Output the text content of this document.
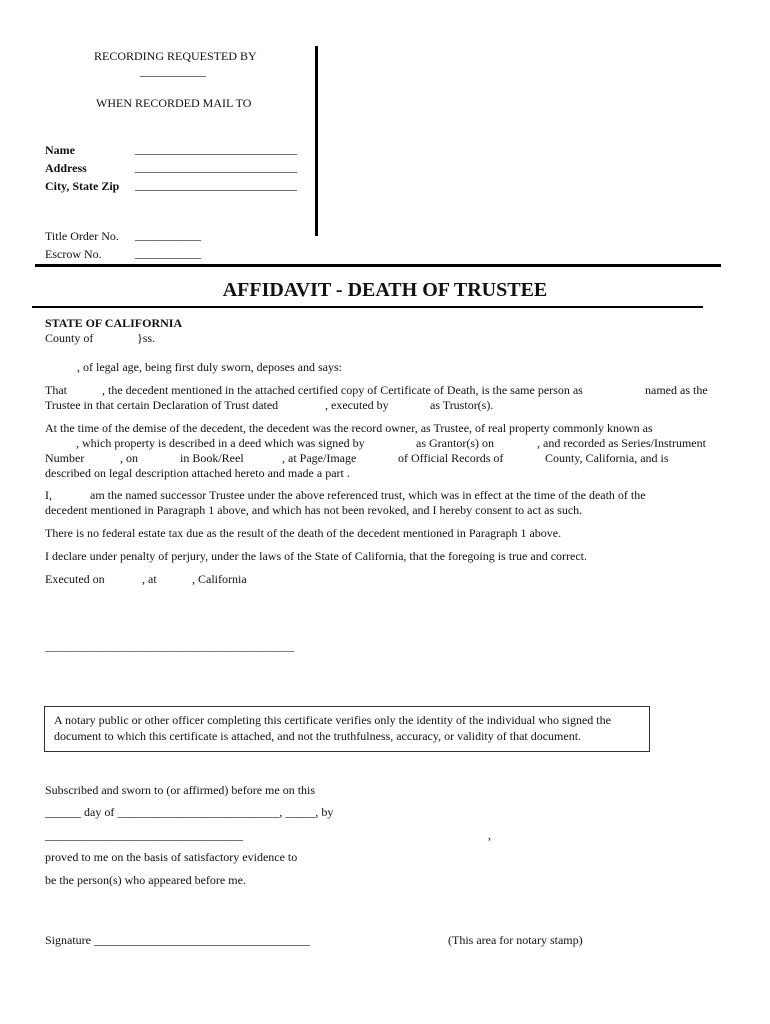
RECORDING REQUESTED BY
___________
WHEN RECORDED MAIL TO
Name	___________________________
Address	___________________________
City, State Zip ___________________________
Title Order No. ___________
Escrow No.	___________
AFFIDAVIT - DEATH OF TRUSTEE
STATE OF CALIFORNIA
County of	}ss.
, of legal age, being first duly sworn, deposes and says:
That	, the decedent mentioned in the attached certified copy of Certificate of Death, is the same person as	named as the
Trustee in that certain Declaration of Trust dated	, executed by	as Trustor(s).
At the time of the demise of the decedent, the decedent was the record owner, as Trustee, of real property commonly known as
, which property is described in a deed which was signed by	as Grantor(s) on	, and recorded as Series/Instrument
Number	, on	in Book/Reel	, at Page/Image	of Official Records of	County, California, and is
described on legal description attached hereto and made a part .
I,	am the named successor Trustee under the above referenced trust, which was in effect at the time of the death of the
decedent mentioned in Paragraph 1 above, and which has not been revoked, and I hereby consent to act as such.
There is no federal estate tax due as the result of the death of the decedent mentioned in Paragraph 1 above.
I declare under penalty of perjury, under the laws of the State of California, that the foregoing is true and correct.
Executed on	, at	, California
_______________________________________________
A notary public or other officer completing this certificate verifies only the identity of the individual who signed the
document to which this certificate is attached, and not the truthfulness, accuracy, or validity of that document.
Subscribed and sworn to (or affirmed) before me on this
______ day of ___________________________, _____, by
_________________________________	,
proved to me on the basis of satisfactory evidence to
be the person(s) who appeared before me.
Signature ____________________________________	(This area for notary stamp)
